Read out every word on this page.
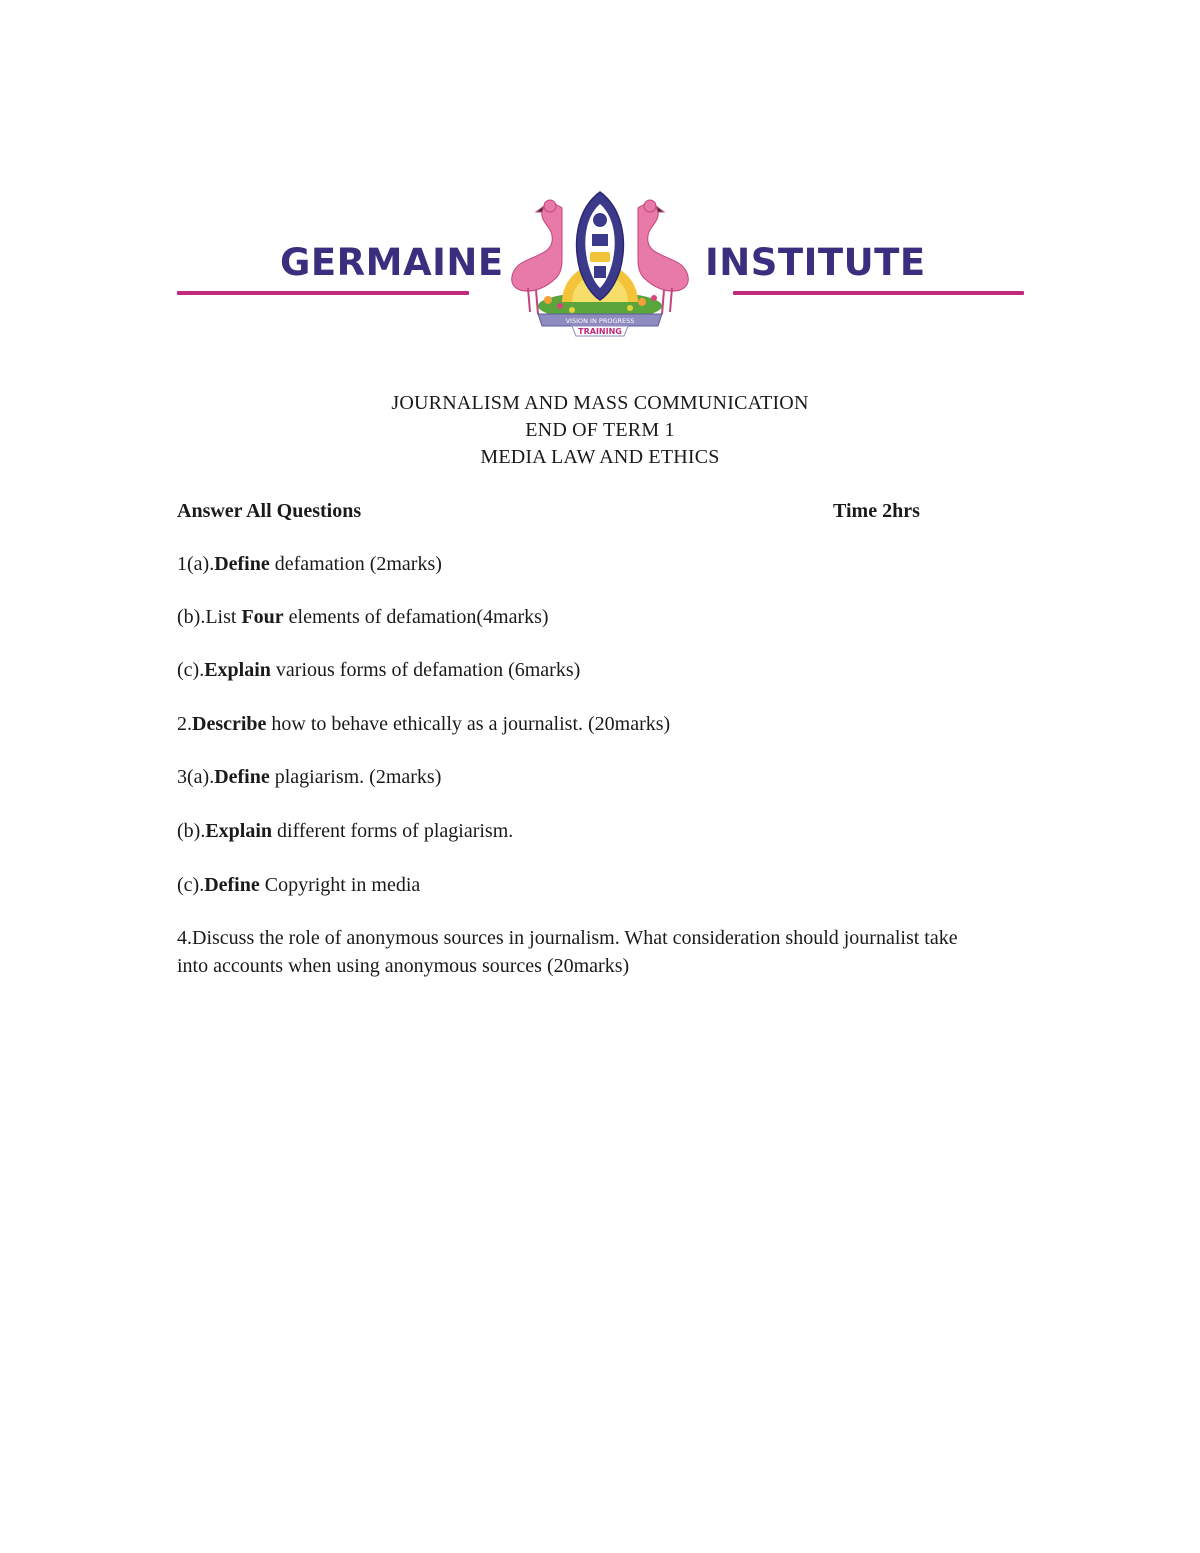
GERMAINE
VISION IN PROGRESS
TRAINING
INSTITUTE
JOURNALISM AND MASS COMMUNICATION
END OF TERM 1
MEDIA LAW AND ETHICS
Answer All Questions	Time 2hrs
1(a).Define defamation (2marks)
(b).List Four elements of defamation(4marks)
(c).Explain various forms of defamation (6marks)
2.Describe how to behave ethically as a journalist. (20marks)
3(a).Define plagiarism. (2marks)
(b).Explain different forms of plagiarism.
(c).Define Copyright in media
4.Discuss the role of anonymous sources in journalism. What consideration should journalist take into accounts when using anonymous sources (20marks)
